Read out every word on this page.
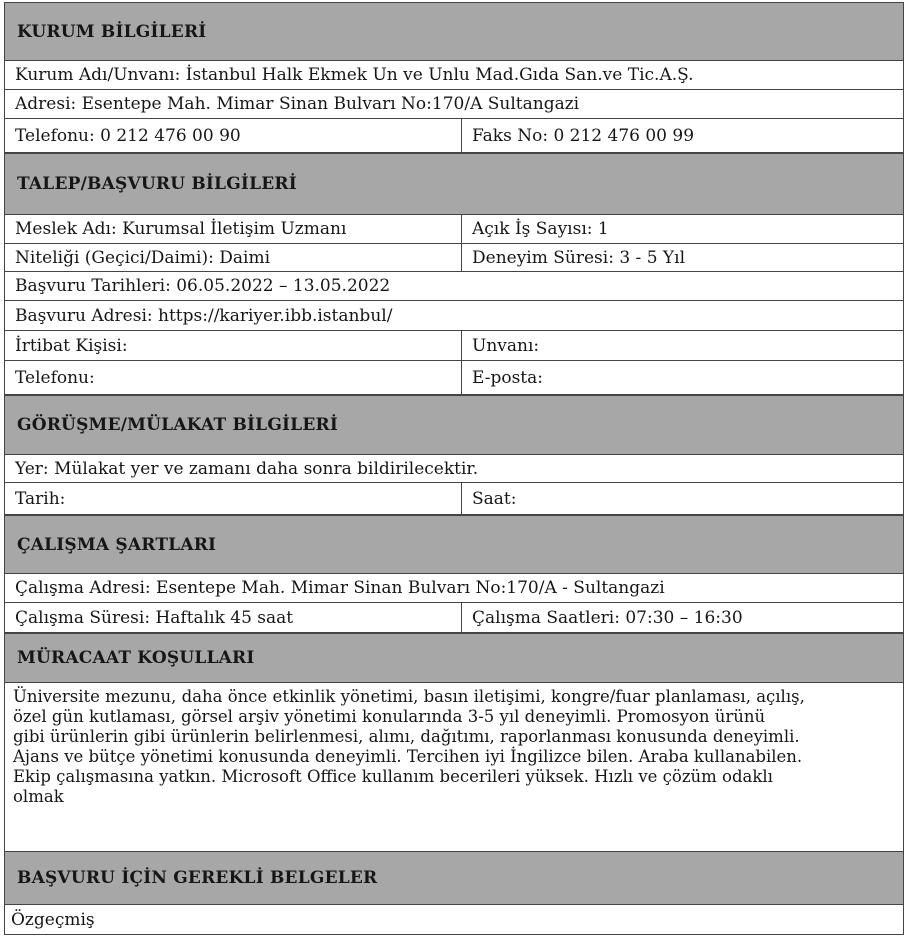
KURUM BİLGİLERİ
Kurum Adı/Unvanı: İstanbul Halk Ekmek Un ve Unlu Mad.Gıda San.ve Tic.A.Ş.
Adresi: Esentepe Mah. Mimar Sinan Bulvarı No:170/A Sultangazi
Telefonu: 0 212 476 00 90	Faks No: 0 212 476 00 99
TALEP/BAŞVURU BİLGİLERİ
Meslek Adı: Kurumsal İletişim Uzmanı	Açık İş Sayısı: 1
Niteliği (Geçici/Daimi): Daimi	Deneyim Süresi: 3 - 5 Yıl
Başvuru Tarihleri: 06.05.2022 – 13.05.2022
Başvuru Adresi: https://kariyer.ibb.istanbul/
İrtibat Kişisi:	Unvanı:
Telefonu:	E-posta:
GÖRÜŞME/MÜLAKAT BİLGİLERİ
Yer: Mülakat yer ve zamanı daha sonra bildirilecektir.
Tarih:	Saat:
ÇALIŞMA ŞARTLARI
Çalışma Adresi: Esentepe Mah. Mimar Sinan Bulvarı No:170/A - Sultangazi
Çalışma Süresi: Haftalık 45 saat	Çalışma Saatleri: 07:30 – 16:30
MÜRACAAT KOŞULLARI
Üniversite mezunu, daha önce etkinlik yönetimi, basın iletişimi, kongre/fuar planlaması, açılış,
özel gün kutlaması, görsel arşiv yönetimi konularında 3-5 yıl deneyimli. Promosyon ürünü
gibi ürünlerin gibi ürünlerin belirlenmesi, alımı, dağıtımı, raporlanması konusunda deneyimli.
Ajans ve bütçe yönetimi konusunda deneyimli. Tercihen iyi İngilizce bilen. Araba kullanabilen.
Ekip çalışmasına yatkın. Microsoft Office kullanım becerileri yüksek. Hızlı ve çözüm odaklı
olmak
BAŞVURU İÇİN GEREKLİ BELGELER
Özgeçmiş
